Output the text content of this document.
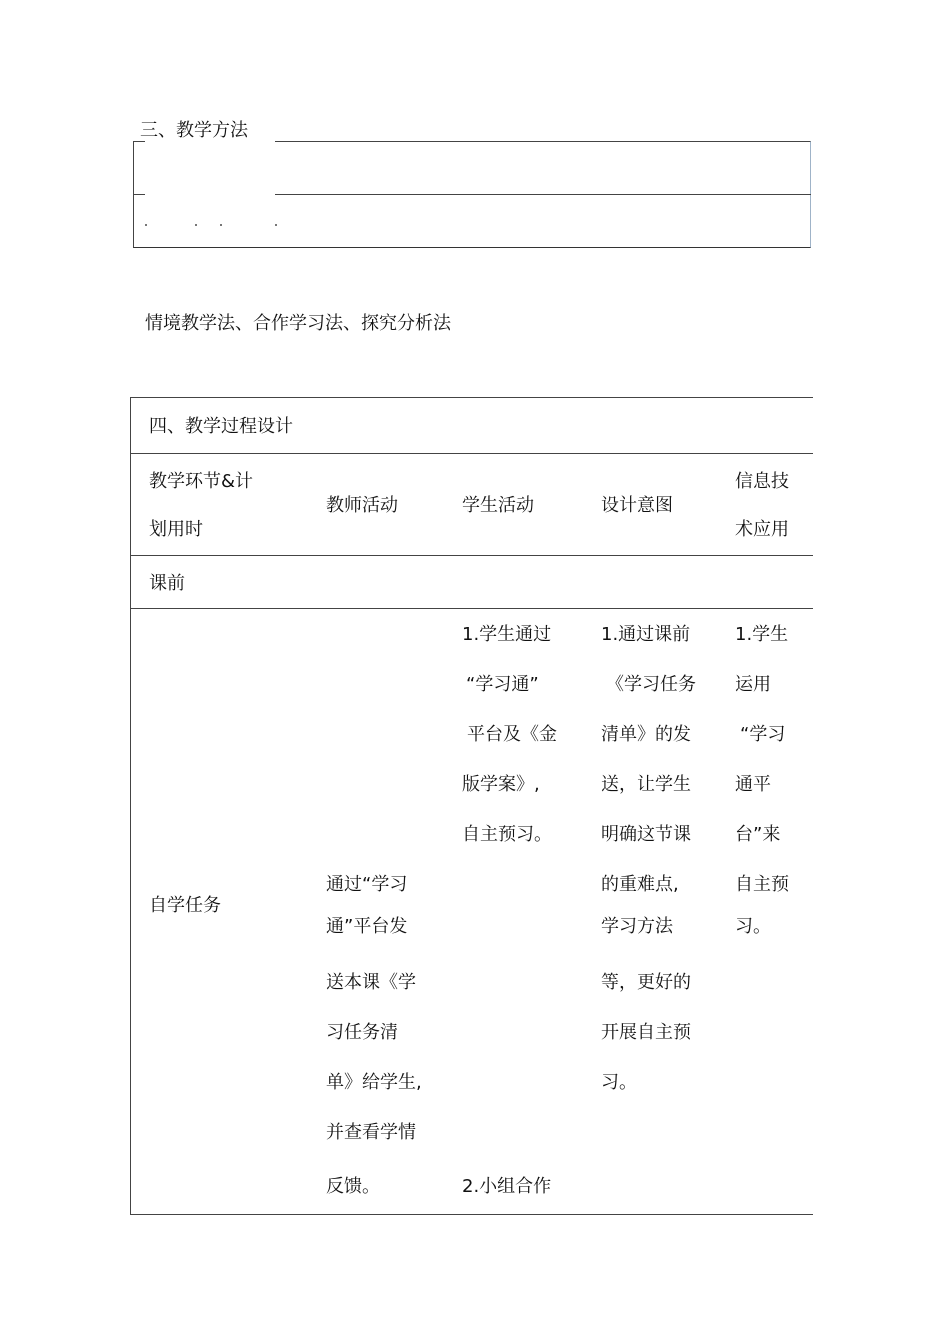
三、教学方法
情境教学法、合作学习法、探究分析法
四、教学过程设计
教学环节&计
划用时
教师活动	学生活动	设计意图
信息技
术应用
课前
自学任务
通过“学习
通”平台发
送本课《学
习任务清
单》给学生,
并查看学情
反馈。
1.学生通过
“学习通”
平台及《金
版学案》,
自主预习。
2.小组合作
1.通过课前
《学习任务
清单》的发
送，让学生
明确这节课
的重难点,
学习方法
等，更好的
开展自主预
习。
1.学生
运用
“学习
通平
台”来
自主预
习。
